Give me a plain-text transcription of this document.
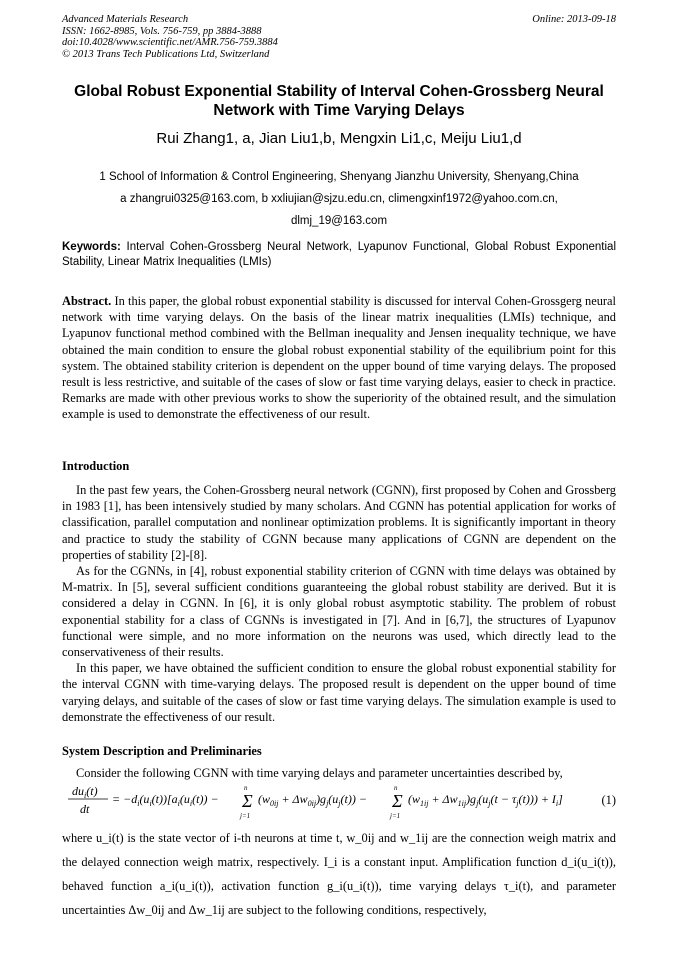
Advanced Materials Research
ISSN: 1662-8985, Vols. 756-759, pp 3884-3888
doi:10.4028/www.scientific.net/AMR.756-759.3884
© 2013 Trans Tech Publications Ltd, Switzerland
Online: 2013-09-18
Global Robust Exponential Stability of Interval Cohen-Grossberg Neural
Network with Time Varying Delays
Rui Zhang1, a, Jian Liu1,b, Mengxin Li1,c, Meiju Liu1,d
1 School of Information & Control Engineering, Shenyang Jianzhu University, Shenyang,China
a zhangrui0325@163.com, b xxliujian@sjzu.edu.cn, climengxinf1972@yahoo.com.cn,
dlmj_19@163.com
Keywords: Interval Cohen-Grossberg Neural Network, Lyapunov Functional, Global Robust Exponential Stability, Linear Matrix Inequalities (LMIs)

Abstract. In this paper, the global robust exponential stability is discussed for interval Cohen-Grossgerg neural network with time varying delays. On the basis of the linear matrix inequalities (LMIs) technique, and Lyapunov functional method combined with the Bellman inequality and Jensen inequality technique, we have obtained the main condition to ensure the global robust exponential stability of the equilibrium point for this system. The obtained stability criterion is dependent on the upper bound of time varying delays. The proposed result is less restrictive, and suitable of the cases of slow or fast time varying delays, easier to check in practice. Remarks are made with other previous works to show the superiority of the obtained result, and the simulation example is used to demonstrate the effectiveness of our result.

Introduction

In the past few years, the Cohen-Grossberg neural network (CGNN), first proposed by Cohen and Grossberg in 1983 [1], has been intensively studied by many scholars. And CGNN has potential application for works of classification, parallel computation and nonlinear optimization problems. It is significantly important in theory and practice to study the stability of CGNN because many applications of CGNN are dependent on the properties of stability [2]-[8].

As for the CGNNs, in [4], robust exponential stability criterion of CGNN with time delays was obtained by M-matrix. In [5], several sufficient conditions guaranteeing the global robust stability are derived. But it is considered a delay in CGNN. In [6], it is only global robust asymptotic stability. The problem of robust exponential stability for a class of CGNNs is investigated in [7]. And in [6,7], the structures of Lyapunov functional were simple, and no more information on the neurons was used, which directly lead to the conservativeness of their results.

In this paper, we have obtained the sufficient condition to ensure the global robust exponential stability for the interval CGNN with time-varying delays. The proposed result is dependent on the upper bound of time varying delays, and suitable of the cases of slow or fast time varying delays. The simulation example is used to demonstrate the effectiveness of our result.

System Description and Preliminaries

Consider the following CGNN with time varying delays and parameter uncertainties described by,

$du_i(t)$
dt
= $-d_i(u_i(t))[a_i(u_i(t)) - \Sigma$
n
j=1
$(w_{0ij} + \Delta w_{0ij})g_j(u_j(t)) - \Sigma$
n
j=1
$(w_{1ij} + \Delta w_{1ij})g_j(u_j(t - \tau_j(t))) + I_i$]	(1)

where u_i(t) is the state vector of i-th neurons at time t, w_0ij and w_1ij are the connection weigh matrix and the delayed connection weigh matrix, respectively. I_i is a constant input. Amplification function d_i(u_i(t)), behaved function a_i(u_i(t)), activation function g_i(u_i(t)), time varying delays τ_i(t), and parameter uncertainties Δw_0ij and Δw_1ij are subject to the following conditions, respectively,
